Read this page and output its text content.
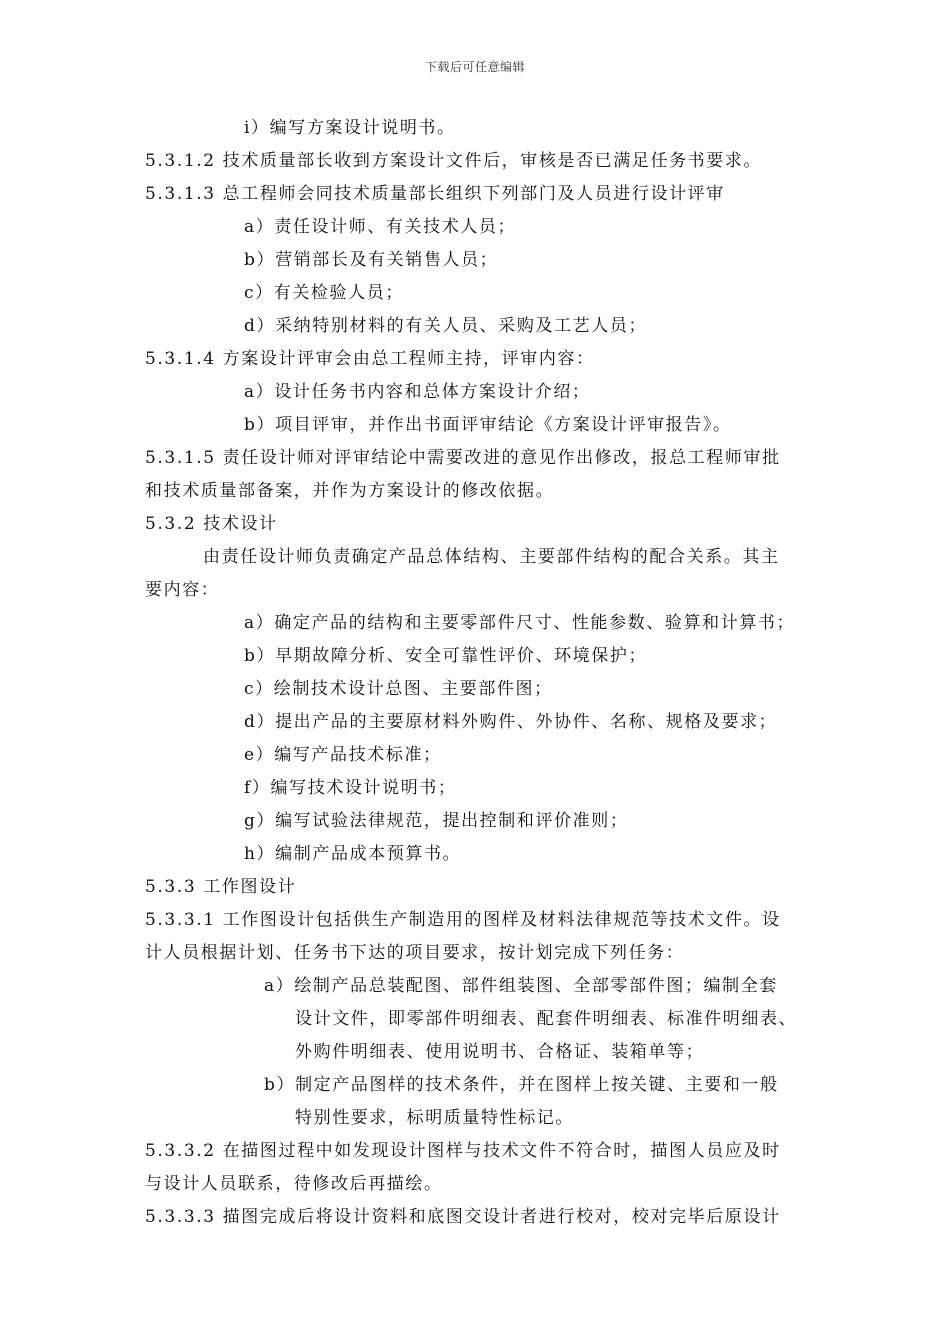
下载后可任意编辑
i）编写方案设计说明书。
5.3.1.2 技术质量部长收到方案设计文件后，审核是否已满足任务书要求。
5.3.1.3 总工程师会同技术质量部长组织下列部门及人员进行设计评审
a）责任设计师、有关技术人员；
b）营销部长及有关销售人员；
c）有关检验人员；
d）采纳特别材料的有关人员、采购及工艺人员；
5.3.1.4 方案设计评审会由总工程师主持，评审内容：
a）设计任务书内容和总体方案设计介绍；
b）项目评审，并作出书面评审结论《方案设计评审报告》。
5.3.1.5 责任设计师对评审结论中需要改进的意见作出修改，报总工程师审批
和技术质量部备案，并作为方案设计的修改依据。
5.3.2 技术设计
由责任设计师负责确定产品总体结构、主要部件结构的配合关系。其主
要内容：
a）确定产品的结构和主要零部件尺寸、性能参数、验算和计算书；
b）早期故障分析、安全可靠性评价、环境保护；
c）绘制技术设计总图、主要部件图；
d）提出产品的主要原材料外购件、外协件、名称、规格及要求；
e）编写产品技术标准；
f）编写技术设计说明书；
g）编写试验法律规范，提出控制和评价准则；
h）编制产品成本预算书。
5.3.3 工作图设计
5.3.3.1 工作图设计包括供生产制造用的图样及材料法律规范等技术文件。设
计人员根据计划、任务书下达的项目要求，按计划完成下列任务：
a）绘制产品总装配图、部件组装图、全部零部件图；编制全套
设计文件，即零部件明细表、配套件明细表、标准件明细表、
外购件明细表、使用说明书、合格证、装箱单等；
b）制定产品图样的技术条件，并在图样上按关键、主要和一般
特别性要求，标明质量特性标记。
5.3.3.2 在描图过程中如发现设计图样与技术文件不符合时，描图人员应及时
与设计人员联系，待修改后再描绘。
5.3.3.3 描图完成后将设计资料和底图交设计者进行校对，校对完毕后原设计
